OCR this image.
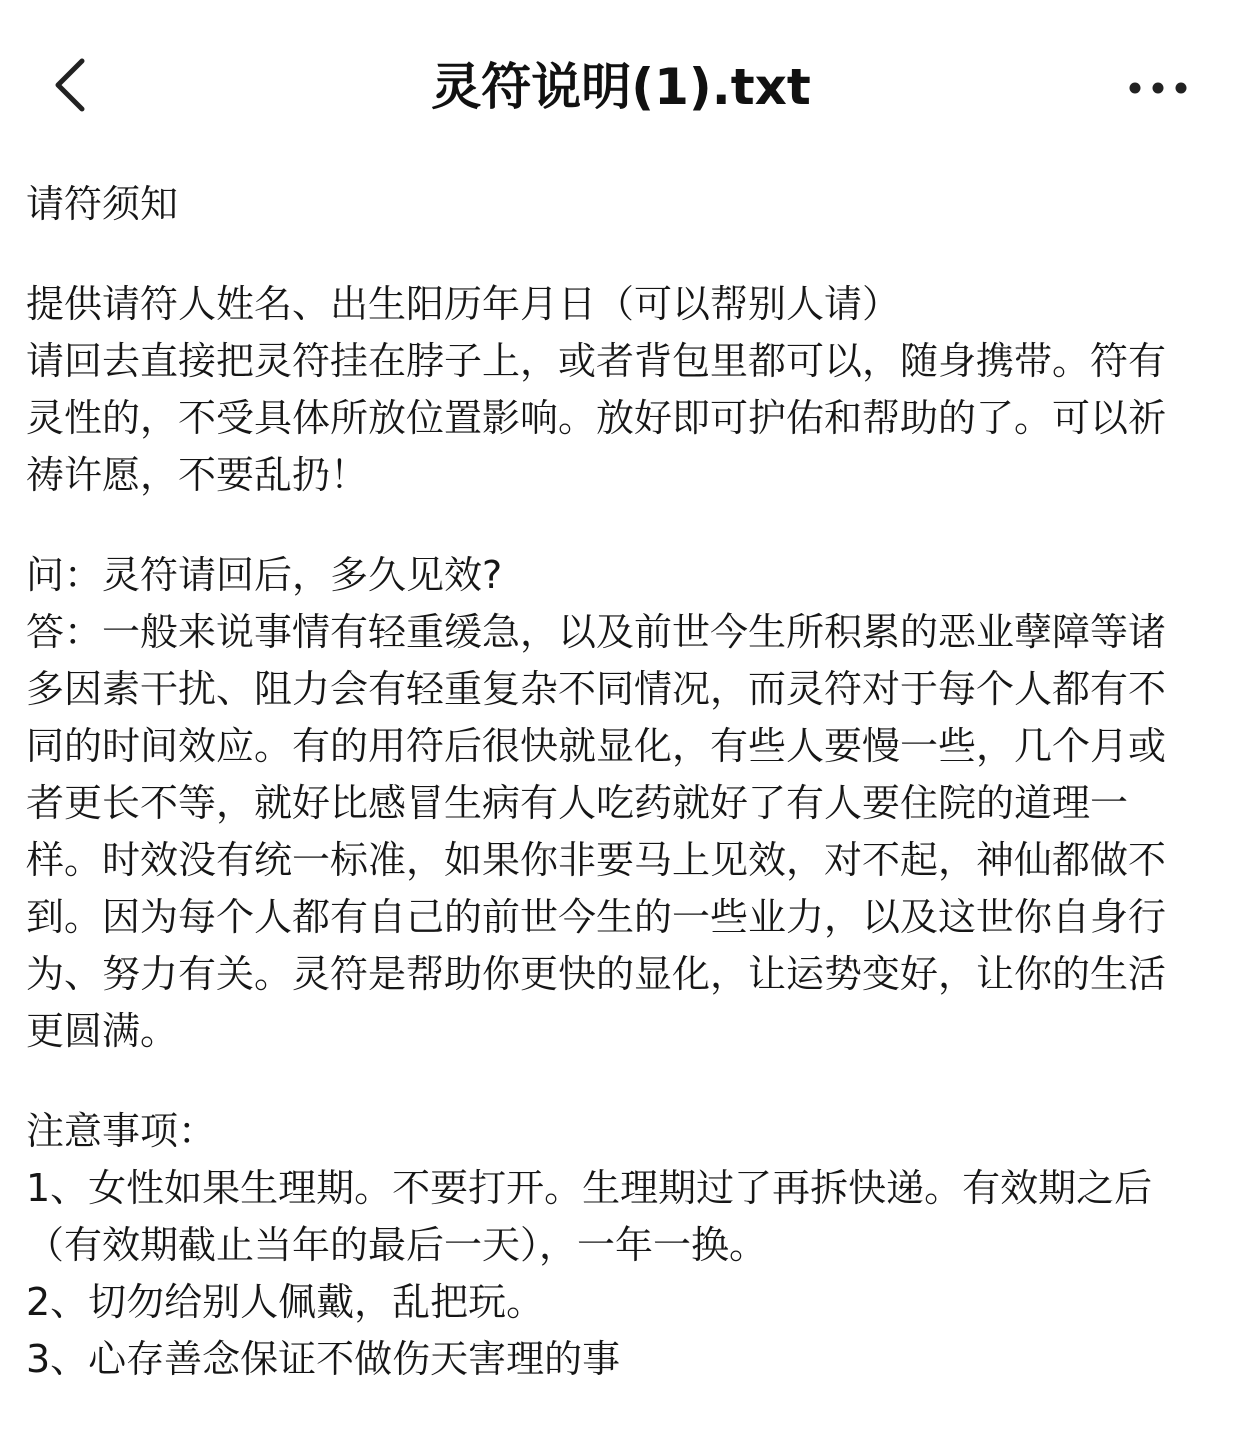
灵符说明(1).txt
请符须知
提供请符人姓名、出生阳历年月日（可以帮别人请）
请回去直接把灵符挂在脖子上，或者背包里都可以，随身携带。符有
灵性的，不受具体所放位置影响。放好即可护佑和帮助的了。可以祈
祷许愿，不要乱扔！
问：灵符请回后，多久见效?
答：一般来说事情有轻重缓急，以及前世今生所积累的恶业孽障等诸
多因素干扰、阻力会有轻重复杂不同情况，而灵符对于每个人都有不
同的时间效应。有的用符后很快就显化，有些人要慢一些，几个月或
者更长不等，就好比感冒生病有人吃药就好了有人要住院的道理一
样。时效没有统一标准，如果你非要马上见效，对不起，神仙都做不
到。因为每个人都有自己的前世今生的一些业力，以及这世你自身行
为、努力有关。灵符是帮助你更快的显化，让运势变好，让你的生活
更圆满。
注意事项：
1、女性如果生理期。不要打开。生理期过了再拆快递。有效期之后
（有效期截止当年的最后一天），一年一换。
2、切勿给别人佩戴，乱把玩。
3、心存善念保证不做伤天害理的事
